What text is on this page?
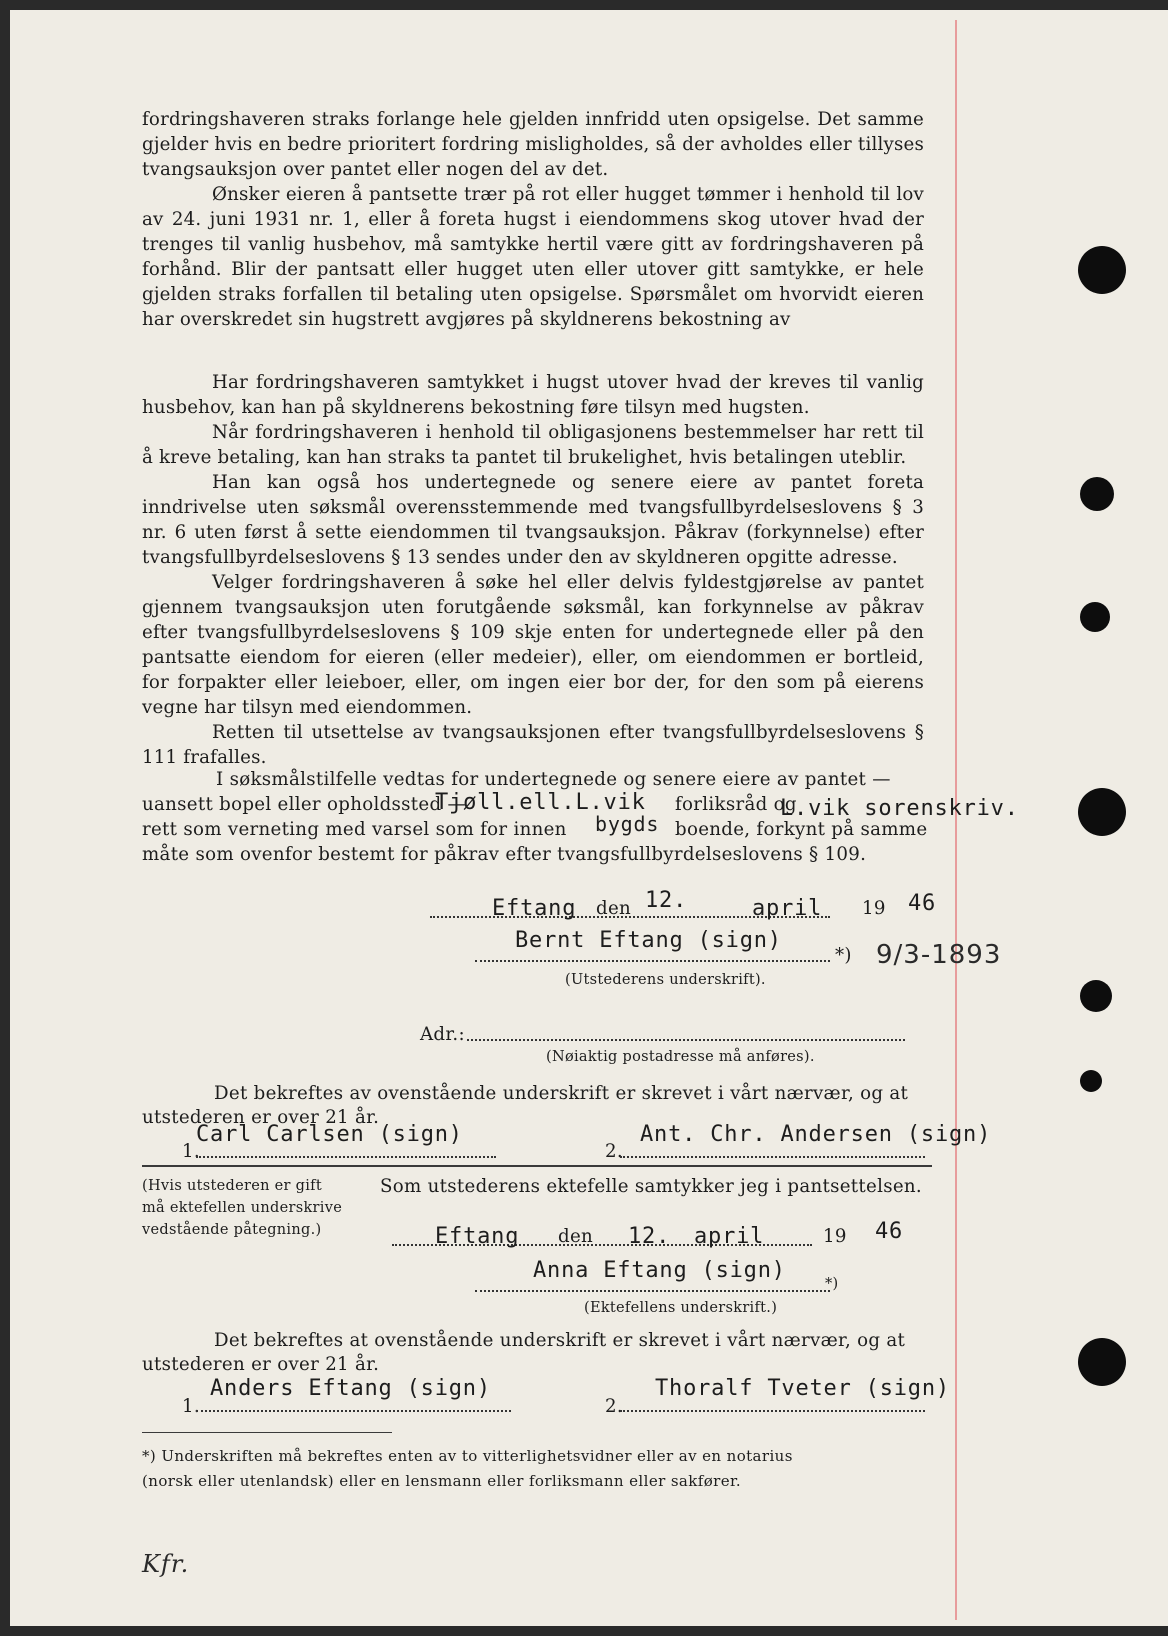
fordringshaveren straks forlange hele gjelden innfridd uten opsigelse. Det samme gjelder hvis en bedre prioritert fordring misligholdes, så der avholdes eller tillyses tvangsauksjon over pantet eller nogen del av det.

Ønsker eieren å pantsette trær på rot eller hugget tømmer i henhold til lov av 24. juni 1931 nr. 1, eller å foreta hugst i eiendommens skog utover hvad der trenges til vanlig husbehov, må samtykke hertil være gitt av fordringshaveren på forhånd. Blir der pantsatt eller hugget uten eller utover gitt samtykke, er hele gjelden straks forfallen til betaling uten opsigelse. Spørsmålet om hvorvidt eieren har overskredet sin hugstrett avgjøres på skyldnerens bekostning av

Har fordringshaveren samtykket i hugst utover hvad der kreves til vanlig husbehov, kan han på skyldnerens bekostning føre tilsyn med hugsten.

Når fordringshaveren i henhold til obligasjonens bestemmelser har rett til å kreve betaling, kan han straks ta pantet til brukelighet, hvis betalingen uteblir.

Han kan også hos undertegnede og senere eiere av pantet foreta inndrivelse uten søksmål overensstemmende med tvangsfullbyrdelseslovens § 3 nr. 6 uten først å sette eiendommen til tvangsauksjon. Påkrav (forkynnelse) efter tvangsfullbyrdelseslovens § 13 sendes under den av skyldneren opgitte adresse.

Velger fordringshaveren å søke hel eller delvis fyldestgjørelse av pantet gjennem tvangsauksjon uten forutgående søksmål, kan forkynnelse av påkrav efter tvangsfullbyrdelseslovens § 109 skje enten for undertegnede eller på den pantsatte eiendom for eieren (eller medeier), eller, om eiendommen er bortleid, for forpakter eller leieboer, eller, om ingen eier bor der, for den som på eierens vegne har tilsyn med eiendommen.

Retten til utsettelse av tvangsauksjonen efter tvangsfullbyrdelseslovens § 111 frafalles.

I søksmålstilfelle vedtas for undertegnede og senere eiere av pantet —
uansett bopel eller opholdssted —	forliksråd og
rett som verneting med varsel som for innen	boende, forkynt på samme
måte som ovenfor bestemt for påkrav efter tvangsfullbyrdelseslovens § 109.
Tjøll.ell.L.vik
bygds
L.vik sorenskriv.
Eftang den 12.	april 19 46
Bernt Eftang (sign)
*) 9/3-1893
(Utstederens underskrift).
Adr.:
(Nøiaktig postadresse må anføres).
Det bekreftes av ovenstående underskrift er skrevet i vårt nærvær, og at
utstederen er over 21 år.
1.
Carl Carlsen (sign)
2.
Ant. Chr. Andersen (sign)
(Hvis utstederen er gift
må ektefellen underskrive
vedstående påtegning.)
Som utstederens ektefelle samtykker jeg i pantsettelsen.
Eftang den 12. april	19 46
Anna Eftang (sign)
*)
(Ektefellens underskrift.)
Det bekreftes at ovenstående underskrift er skrevet i vårt nærvær, og at
utstederen er over 21 år.
1.
Anders Eftang (sign)
2.
Thoralf Tveter (sign)
*) Underskriften må bekreftes enten av to vitterlighetsvidner eller av en notarius
(norsk eller utenlandsk) eller en lensmann eller forliksmann eller sakfører.
Kfr.
